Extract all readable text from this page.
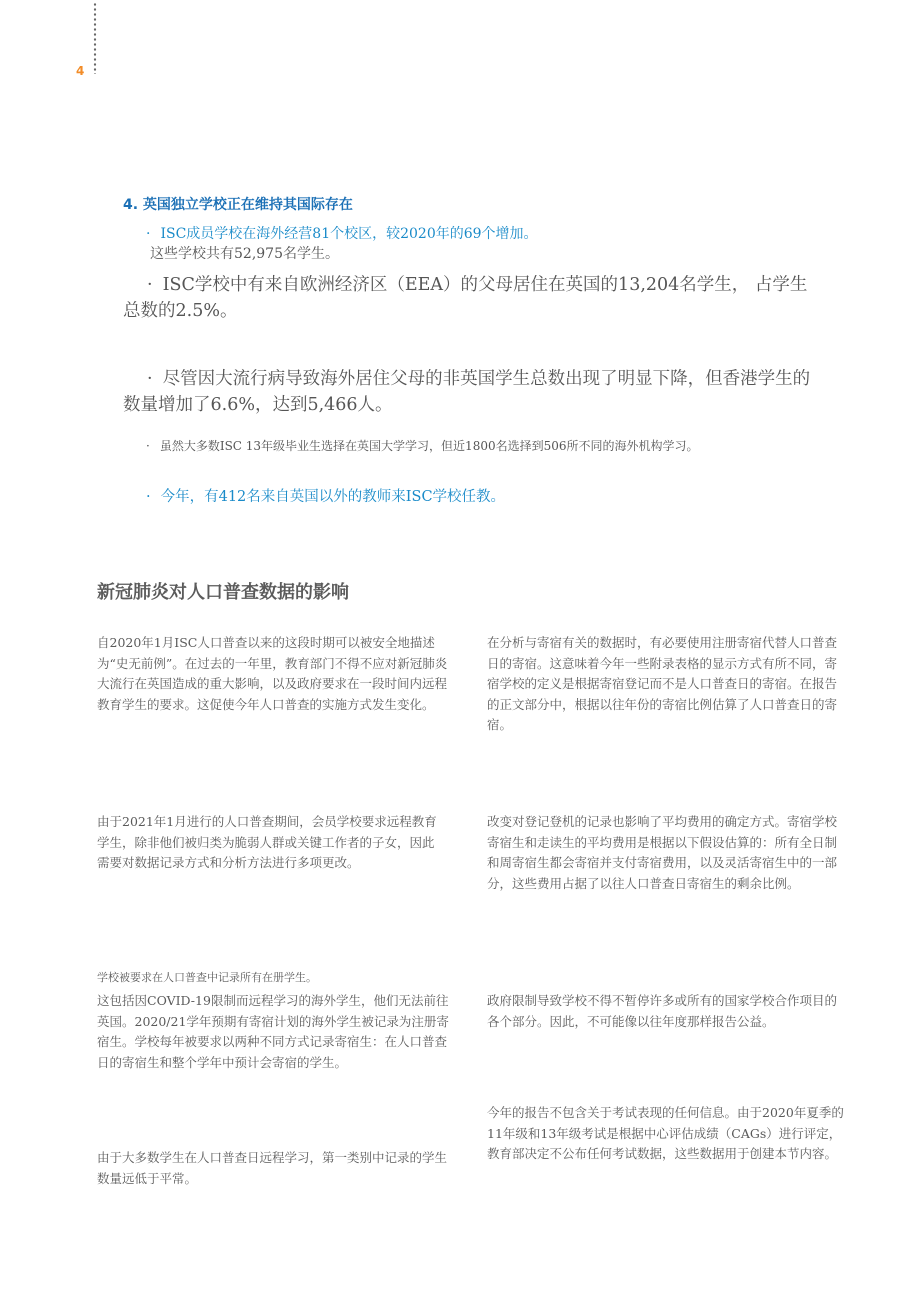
4
4. 英国独立学校正在维持其国际存在
· ISC成员学校在海外经营81个校区，较2020年的69个增加。
这些学校共有52,975名学生。
· ISC学校中有来自欧洲经济区（EEA）的父母居住在英国的13,204名学生， 占学生总数的2.5%。
· 尽管因大流行病导致海外居住父母的非英国学生总数出现了明显下降，但香港学生的数量增加了6.6%，达到5,466人。
· 虽然大多数ISC 13年级毕业生选择在英国大学学习，但近1800名选择到506所不同的海外机构学习。
· 今年，有412名来自英国以外的教师来ISC学校任教。
新冠肺炎对人口普查数据的影响

自2020年1月ISC人口普查以来的这段时期可以被安全地描述为“史无前例”。在过去的一年里，教育部门不得不应对新冠肺炎大流行在英国造成的重大影响，以及政府要求在一段时间内远程教育学生的要求。这促使今年人口普查的实施方式发生变化。

在分析与寄宿有关的数据时，有必要使用注册寄宿代替人口普查日的寄宿。这意味着今年一些附录表格的显示方式有所不同，寄宿学校的定义是根据寄宿登记而不是人口普查日的寄宿。在报告的正文部分中，根据以往年份的寄宿比例估算了人口普查日的寄宿。

由于2021年1月进行的人口普查期间，会员学校要求远程教育学生，除非他们被归类为脆弱人群或关键工作者的子女，因此需要对数据记录方式和分析方法进行多项更改。

改变对登记登机的记录也影响了平均费用的确定方式。寄宿学校寄宿生和走读生的平均费用是根据以下假设估算的：所有全日制和周寄宿生都会寄宿并支付寄宿费用，以及灵活寄宿生中的一部分，这些费用占据了以往人口普查日寄宿生的剩余比例。

学校被要求在人口普查中记录所有在册学生。

这包括因COVID-19限制而远程学习的海外学生，他们无法前往英国。2020/21学年预期有寄宿计划的海外学生被记录为注册寄宿生。学校每年被要求以两种不同方式记录寄宿生：在人口普查日的寄宿生和整个学年中预计会寄宿的学生。

政府限制导致学校不得不暂停许多或所有的国家学校合作项目的各个部分。因此，不可能像以往年度那样报告公益。

今年的报告不包含关于考试表现的任何信息。由于2020年夏季的11年级和13年级考试是根据中心评估成绩（CAGs）进行评定，教育部决定不公布任何考试数据，这些数据用于创建本节内容。

由于大多数学生在人口普查日远程学习，第一类别中记录的学生数量远低于平常。
